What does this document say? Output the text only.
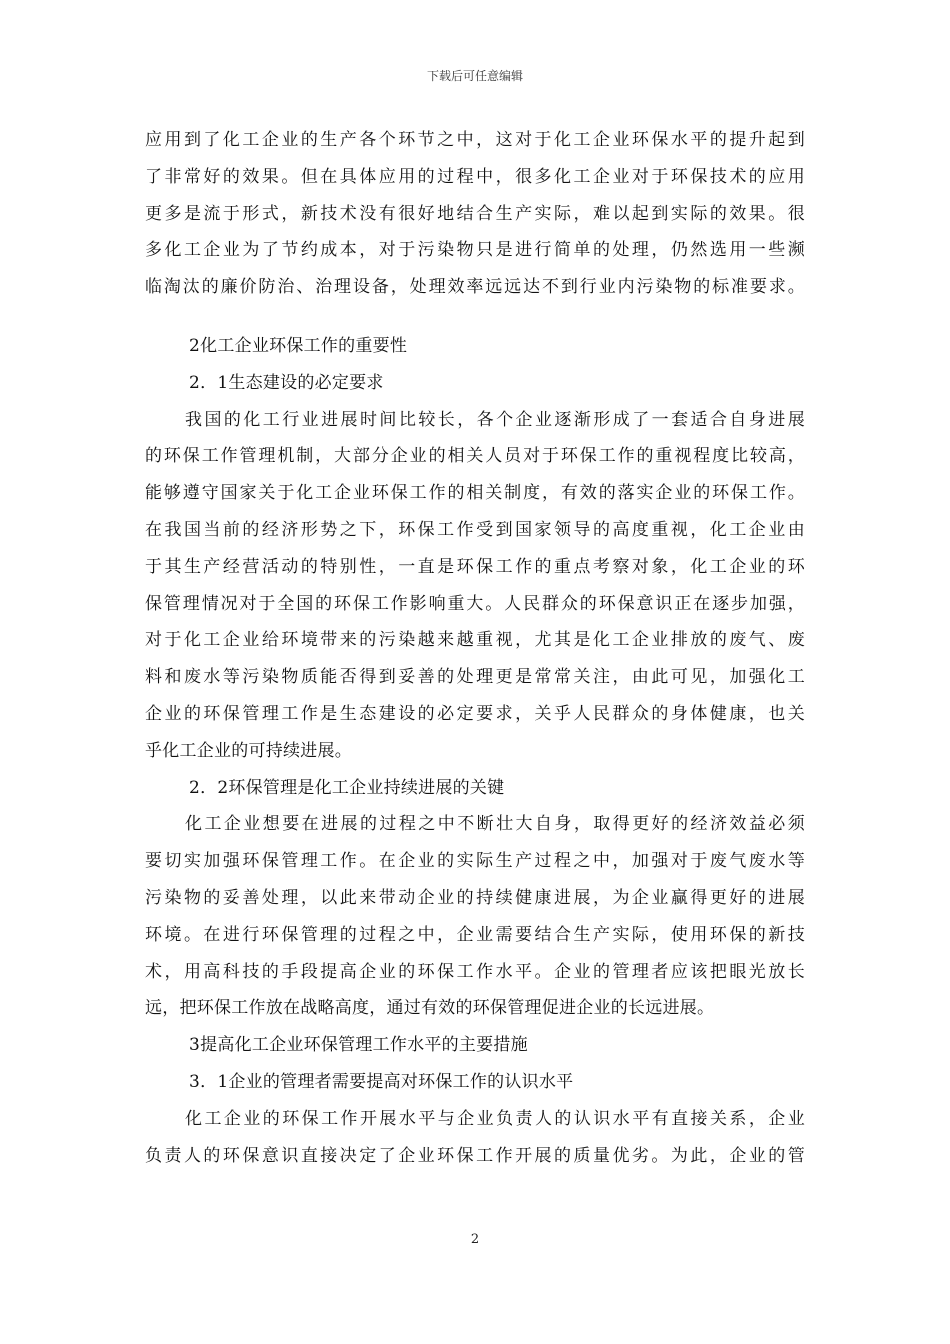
下载后可任意编辑
应用到了化工企业的生产各个环节之中，这对于化工企业环保水平的提升起到
了非常好的效果。但在具体应用的过程中，很多化工企业对于环保技术的应用
更多是流于形式，新技术没有很好地结合生产实际，难以起到实际的效果。很
多化工企业为了节约成本，对于污染物只是进行简单的处理，仍然选用一些濒
临淘汰的廉价防治、治理设备，处理效率远远达不到行业内污染物的标准要求。
2化工企业环保工作的重要性
2．1生态建设的必定要求
我国的化工行业进展时间比较长，各个企业逐渐形成了一套适合自身进展
的环保工作管理机制，大部分企业的相关人员对于环保工作的重视程度比较高，
能够遵守国家关于化工企业环保工作的相关制度，有效的落实企业的环保工作。
在我国当前的经济形势之下，环保工作受到国家领导的高度重视，化工企业由
于其生产经营活动的特别性，一直是环保工作的重点考察对象，化工企业的环
保管理情况对于全国的环保工作影响重大。人民群众的环保意识正在逐步加强，
对于化工企业给环境带来的污染越来越重视，尤其是化工企业排放的废气、废
料和废水等污染物质能否得到妥善的处理更是常常关注，由此可见，加强化工
企业的环保管理工作是生态建设的必定要求，关乎人民群众的身体健康，也关
乎化工企业的可持续进展。
2．2环保管理是化工企业持续进展的关键
化工企业想要在进展的过程之中不断壮大自身，取得更好的经济效益必须
要切实加强环保管理工作。在企业的实际生产过程之中，加强对于废气废水等
污染物的妥善处理，以此来带动企业的持续健康进展，为企业赢得更好的进展
环境。在进行环保管理的过程之中，企业需要结合生产实际，使用环保的新技
术，用高科技的手段提高企业的环保工作水平。企业的管理者应该把眼光放长
远，把环保工作放在战略高度，通过有效的环保管理促进企业的长远进展。
3提高化工企业环保管理工作水平的主要措施
3．1企业的管理者需要提高对环保工作的认识水平
化工企业的环保工作开展水平与企业负责人的认识水平有直接关系，企业
负责人的环保意识直接决定了企业环保工作开展的质量优劣。为此，企业的管
2
